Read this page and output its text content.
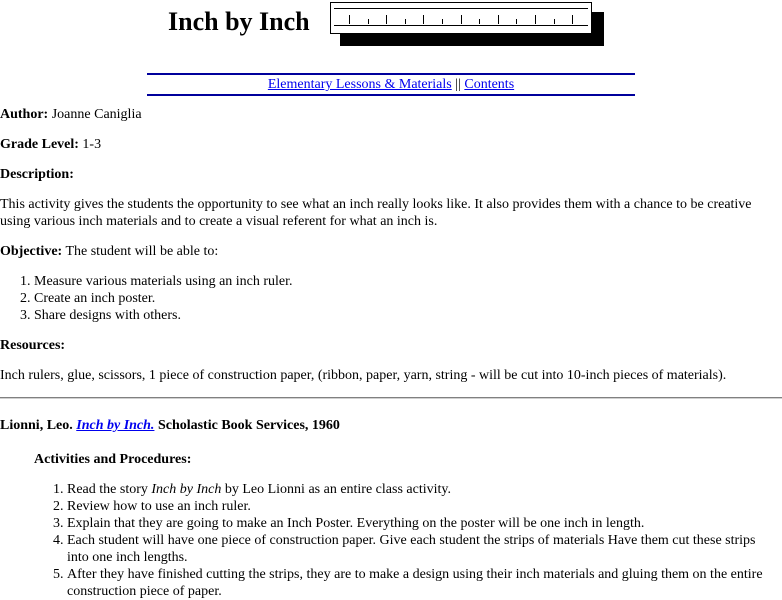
Inch by Inch
Elementary Lessons & Materials || Contents

Author: Joanne Caniglia

Grade Level: 1-3

Description:

This activity gives the students the opportunity to see what an inch really looks like. It also provides them with a chance to be creative using various inch materials and to create a visual referent for what an inch is.

Objective: The student will be able to:

1. Measure various materials using an inch ruler.
2. Create an inch poster.
3. Share designs with others.

Resources:

Inch rulers, glue, scissors, 1 piece of construction paper, (ribbon, paper, yarn, string - will be cut into 10-inch pieces of materials).

Lionni, Leo. Inch by Inch. Scholastic Book Services, 1960

Activities and Procedures:

1. Read the story Inch by Inch by Leo Lionni as an entire class activity.
2. Review how to use an inch ruler.
3. Explain that they are going to make an Inch Poster. Everything on the poster will be one inch in length.
4. Each student will have one piece of construction paper. Give each student the strips of materials Have them cut these strips into one inch lengths.
5. After they have finished cutting the strips, they are to make a design using their inch materials and gluing them on the entire construction piece of paper.
